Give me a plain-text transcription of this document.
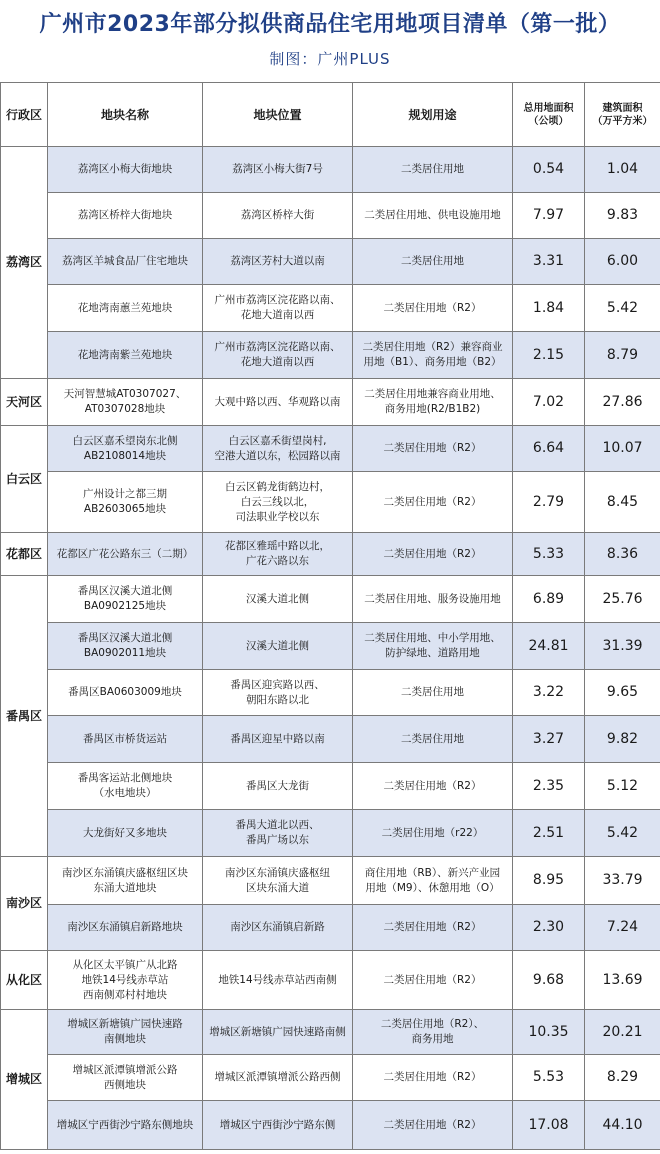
广州市2023年部分拟供商品住宅用地项目清单（第一批）
制图：广州PLUS
行政区	地块名称	地块位置	规划用途	总用地面积
（公顷）	建筑面积
（万平方米）
荔湾区	荔湾区小梅大街地块	荔湾区小梅大街7号	二类居住用地	0.54	1.04
	荔湾区桥梓大街地块	荔湾区桥梓大街	二类居住用地、供电设施用地	7.97	9.83
	荔湾区羊城食品厂住宅地块	荔湾区芳村大道以南	二类居住用地	3.31	6.00
	花地湾南蕙兰苑地块	广州市荔湾区浣花路以南、
花地大道南以西	二类居住用地（R2）	1.84	5.42
	花地湾南紫兰苑地块	广州市荔湾区浣花路以南、
花地大道南以西	二类居住用地（R2）兼容商业
用地（B1）、商务用地（B2）	2.15	8.79
天河区	天河智慧城AT0307027、
AT0307028地块	大观中路以西、华观路以南	二类居住用地兼容商业用地、
商务用地(R2/B1B2)	7.02	27.86
白云区	白云区嘉禾望岗东北侧
AB2108014地块	白云区嘉禾街望岗村,
空港大道以东，松园路以南	二类居住用地（R2）	6.64	10.07
	广州设计之都三期
AB2603065地块	白云区鹤龙街鹤边村，
白云三线以北，
司法职业学校以东	二类居住用地（R2）	2.79	8.45
花都区	花都区广花公路东三（二期）	花都区雅瑶中路以北，
广花六路以东	二类居住用地（R2）	5.33	8.36
番禺区	番禺区汉溪大道北侧
BA0902125地块	汉溪大道北侧	二类居住用地、服务设施用地	6.89	25.76
	番禺区汉溪大道北侧
BA0902011地块	汉溪大道北侧	二类居住用地、中小学用地、
防护绿地、道路用地	24.81	31.39
	番禺区BA0603009地块	番禺区迎宾路以西、
朝阳东路以北	二类居住用地	3.22	9.65
	番禺区市桥货运站	番禺区迎星中路以南	二类居住用地	3.27	9.82
	番禺客运站北侧地块
（水电地块）	番禺区大龙街	二类居住用地（R2）	2.35	5.12
	大龙街好又多地块	番禺大道北以西、
番禺广场以东	二类居住用地（r22）	2.51	5.42
南沙区	南沙区东涌镇庆盛枢纽区块
东涌大道地块	南沙区东涌镇庆盛枢纽
区块东涌大道	商住用地（RB）、新兴产业园
用地（M9）、休憩用地（O）	8.95	33.79
	南沙区东涌镇启新路地块	南沙区东涌镇启新路	二类居住用地（R2）	2.30	7.24
从化区	从化区太平镇广从北路
地铁14号线赤草站
西南侧邓村村地块	地铁14号线赤草站西南侧	二类居住用地（R2）	9.68	13.69
增城区	增城区新塘镇广园快速路
南侧地块	增城区新塘镇广园快速路南侧	二类居住用地（R2）、
商务用地	10.35	20.21
	增城区派潭镇增派公路
西侧地块	增城区派潭镇增派公路西侧	二类居住用地（R2）	5.53	8.29
	增城区宁西街沙宁路东侧地块	增城区宁西街沙宁路东侧	二类居住用地（R2）	17.08	44.10
